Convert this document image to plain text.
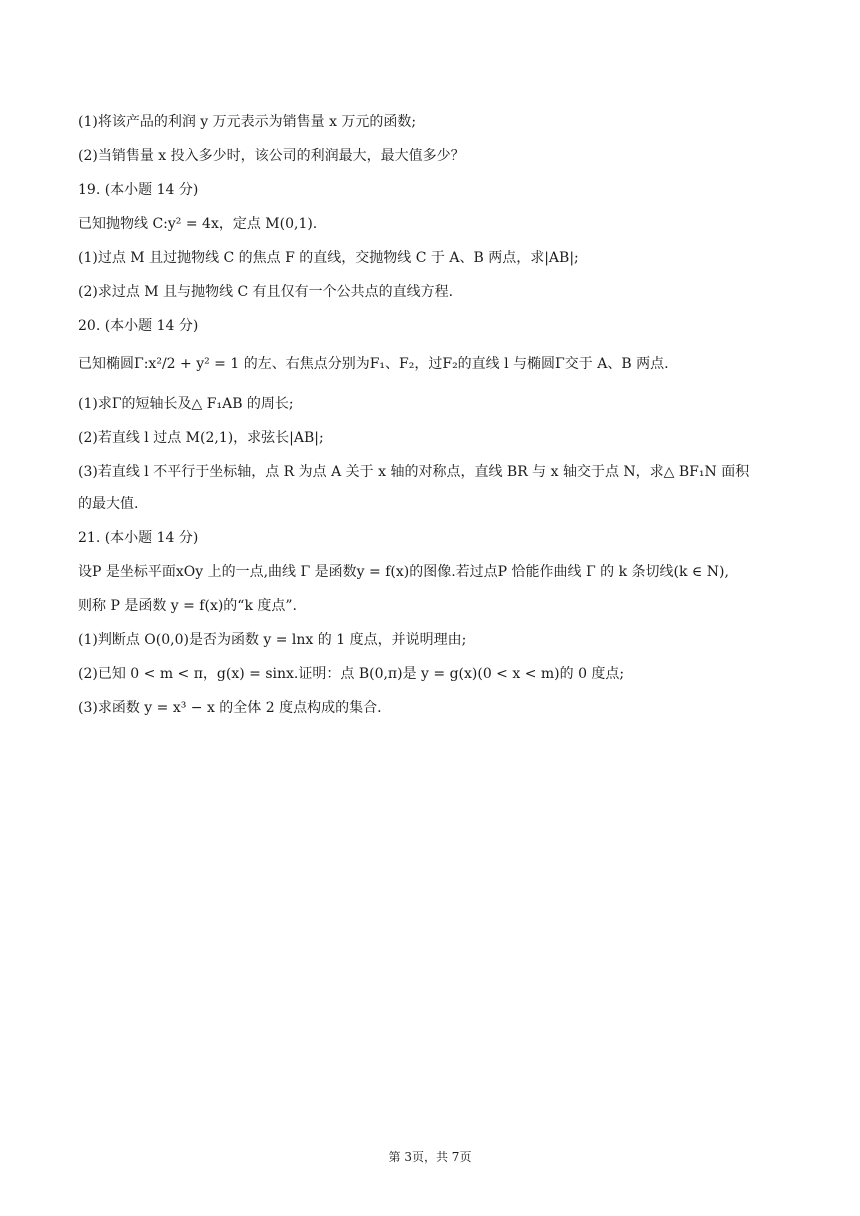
(1)将该产品的利润 y 万元表示为销售量 x 万元的函数;
(2)当销售量 x 投入多少时，该公司的利润最大，最大值多少？
19. (本小题 14 分)
已知抛物线 C:y² = 4x，定点 M(0,1).
(1)过点 M 且过抛物线 C 的焦点 F 的直线，交抛物线 C 于 A、B 两点，求|AB|;
(2)求过点 M 且与抛物线 C 有且仅有一个公共点的直线方程.
20. (本小题 14 分)
已知椭圆Γ:x²/2 + y² = 1 的左、右焦点分别为F₁、F₂，过F₂的直线 l 与椭圆Γ交于 A、B 两点.
(1)求Γ的短轴长及△ F₁AB 的周长;
(2)若直线 l 过点 M(2,1)，求弦长|AB|;
(3)若直线 l 不平行于坐标轴，点 R 为点 A 关于 x 轴的对称点，直线 BR 与 x 轴交于点 N，求△ BF₁N 面积
的最大值.
21. (本小题 14 分)
设P 是坐标平面xOy 上的一点,曲线 Γ 是函数y = f(x)的图像.若过点P 恰能作曲线 Γ 的 k 条切线(k ∈ N),
则称 P 是函数 y = f(x)的“k 度点”.
(1)判断点 O(0,0)是否为函数 y = lnx 的 1 度点，并说明理由;
(2)已知 0 < m < π，g(x) = sinx.证明：点 B(0,π)是 y = g(x)(0 < x < m)的 0 度点;
(3)求函数 y = x³ − x 的全体 2 度点构成的集合.
第 3页，共 7页
